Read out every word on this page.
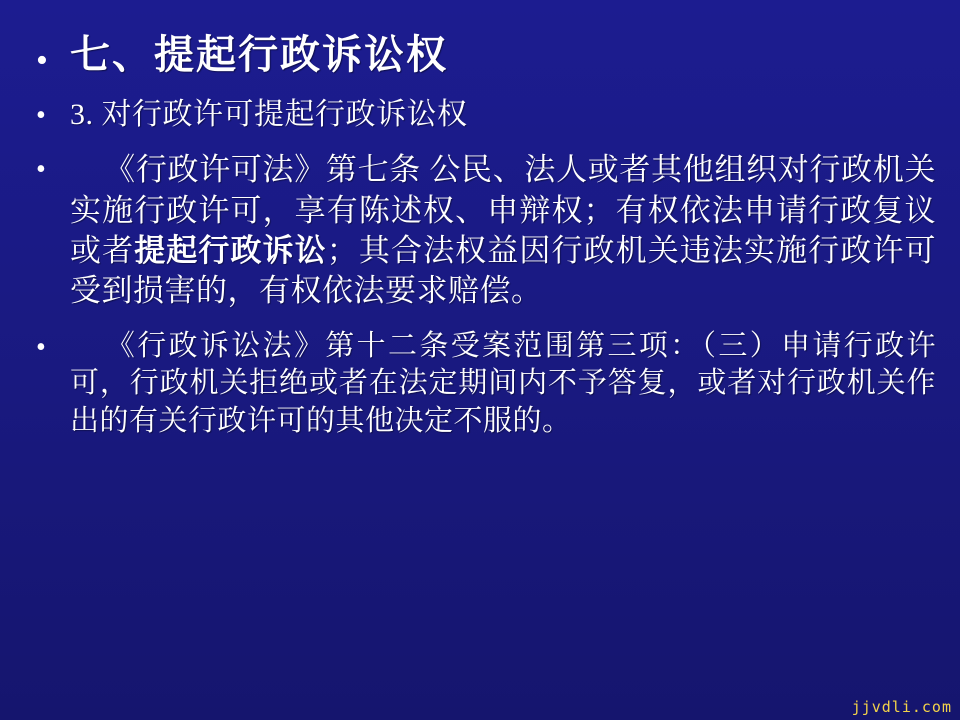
• 七、提起行政诉讼权
• 3. 对行政许可提起行政诉讼权
•	《行政许可法》第七条 公民、法人或者其他组织对行政机关实施行政许可，享有陈述权、申辩权；有权依法申请行政复议或者提起行政诉讼；其合法权益因行政机关违法实施行政许可受到损害的，有权依法要求赔偿。
•	《行政诉讼法》第十二条受案范围第三项：（三）申请行政许可，行政机关拒绝或者在法定期间内不予答复，或者对行政机关作出的有关行政许可的其他决定不服的。
jjvdli.com
